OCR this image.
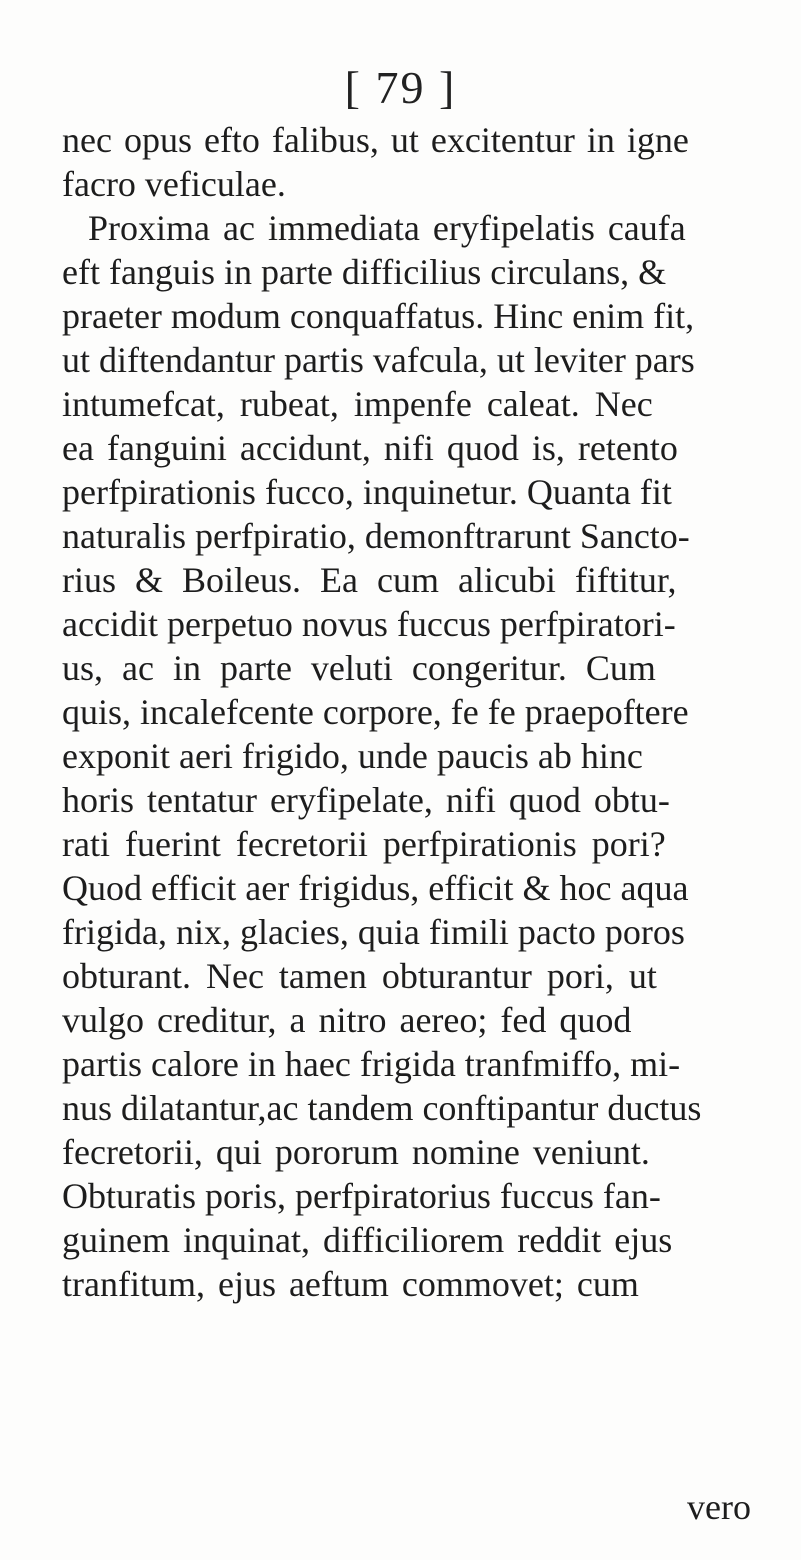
[ 79 ]
nec opus efto falibus, ut excitentur in igne
facro veficulae.
Proxima ac immediata eryfipelatis caufa
eft fanguis in parte difficilius circulans, &
praeter modum conquaffatus. Hinc enim fit,
ut diftendantur partis vafcula, ut leviter pars
intumefcat, rubeat, impenfe caleat. Nec
ea fanguini accidunt, nifi quod is, retento
perfpirationis fucco, inquinetur. Quanta fit
naturalis perfpiratio, demonftrarunt Sancto-
rius & Boileus. Ea cum alicubi fiftitur,
accidit perpetuo novus fuccus perfpiratori-
us, ac in parte veluti congeritur. Cum
quis, incalefcente corpore, fe fe praepoftere
exponit aeri frigido, unde paucis ab hinc
horis tentatur eryfipelate, nifi quod obtu-
rati fuerint fecretorii perfpirationis pori?
Quod efficit aer frigidus, efficit & hoc aqua
frigida, nix, glacies, quia fimili pacto poros
obturant. Nec tamen obturantur pori, ut
vulgo creditur, a nitro aereo; fed quod
partis calore in haec frigida tranfmiffo, mi-
nus dilatantur,ac tandem conftipantur ductus
fecretorii, qui pororum nomine veniunt.
Obturatis poris, perfpiratorius fuccus fan-
guinem inquinat, difficiliorem reddit ejus
tranfitum, ejus aeftum commovet; cum
vero
